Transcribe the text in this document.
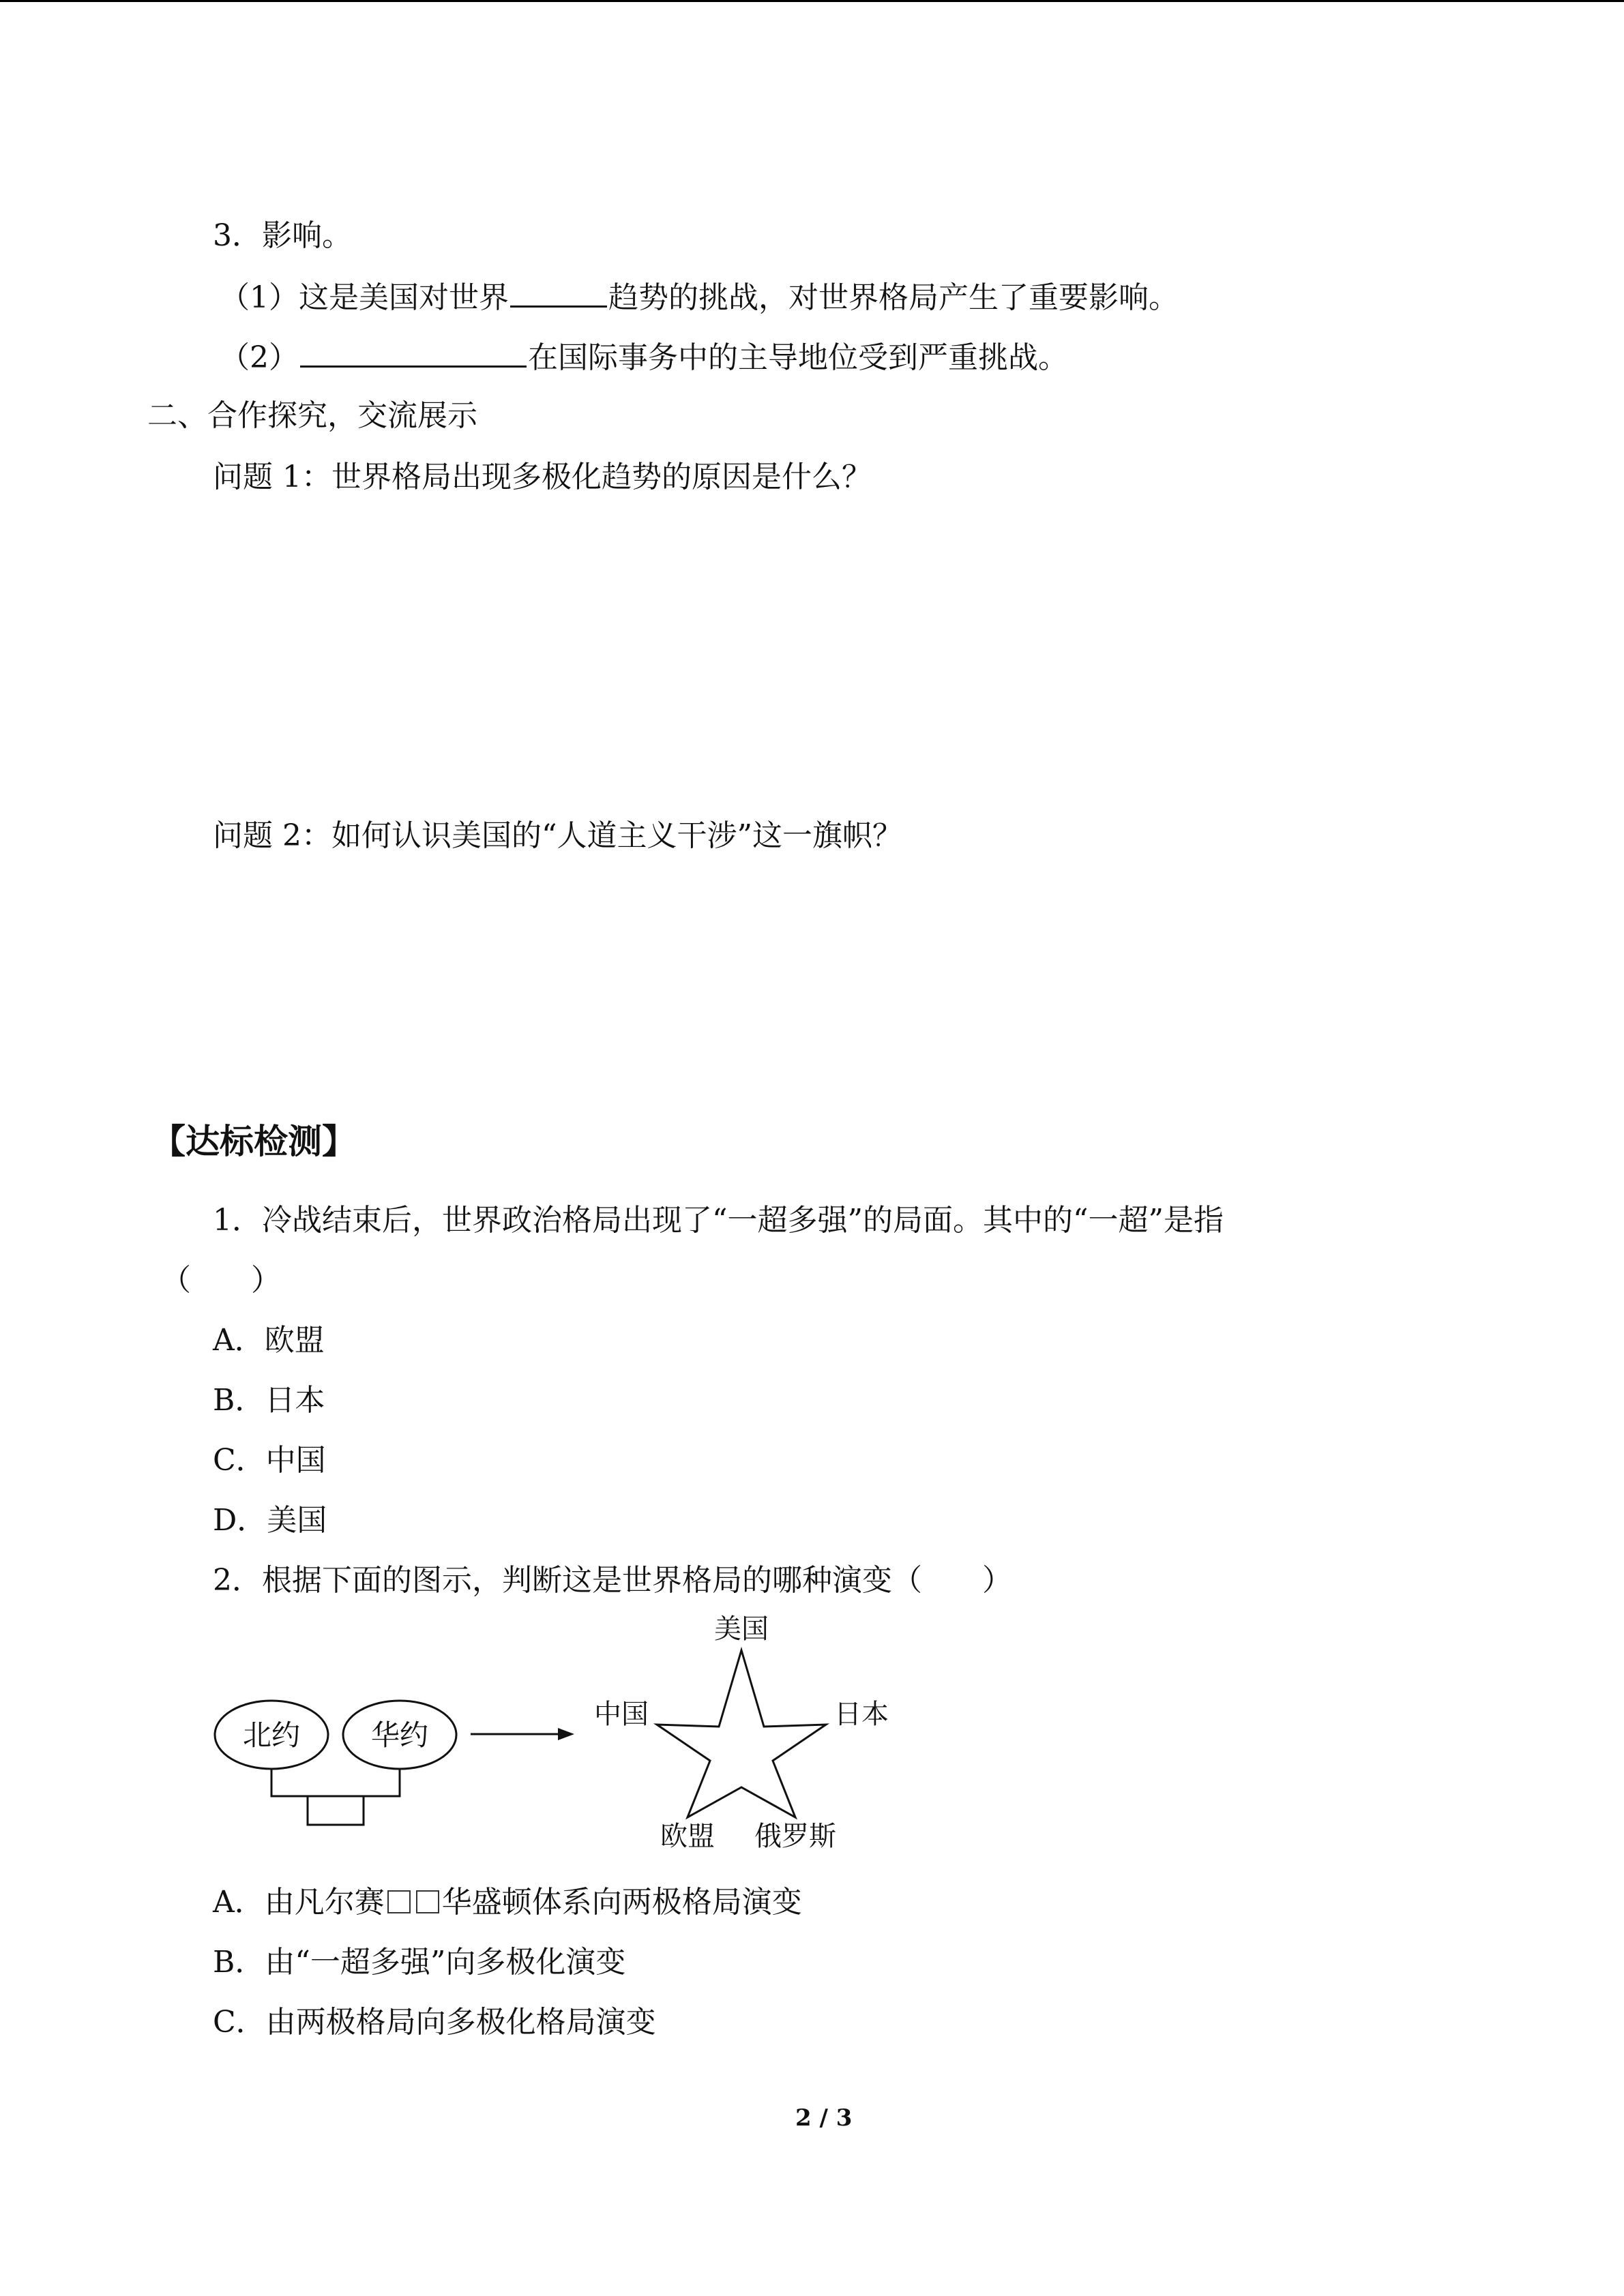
3．影响。
（1）这是美国对世界	趋势的挑战，对世界格局产生了重要影响。
（2）	在国际事务中的主导地位受到严重挑战。
二、合作探究，交流展示
问题 1：世界格局出现多极化趋势的原因是什么？
问题 2：如何认识美国的“人道主义干涉”这一旗帜？
【达标检测】
1．冷战结束后，世界政治格局出现了“一超多强”的局面。其中的“一超”是指
（　　）
A．欧盟
B．日本
C．中国
D．美国
2．根据下面的图示，判断这是世界格局的哪种演变（　　）
北约 华约
美国
中国	日本
欧盟 俄罗斯
A．由凡尔赛 华盛顿体系向两极格局演变
B．由“一超多强”向多极化演变
C．由两极格局向多极化格局演变
2 / 3
